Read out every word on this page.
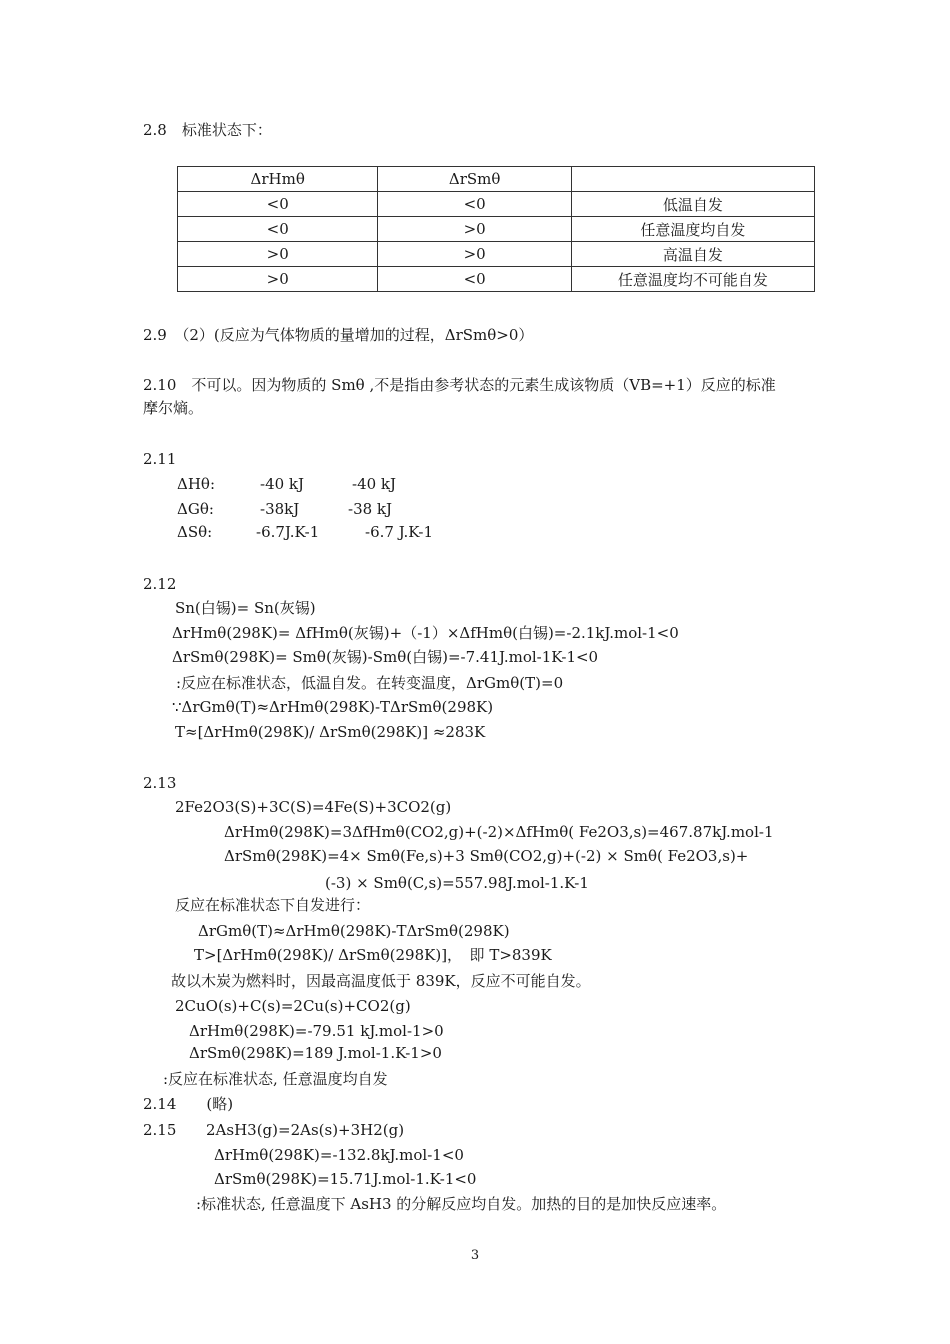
2.8　标准状态下：
ΔrHmθ	ΔrSmθ	
<0	<0	低温自发
<0	>0	任意温度均自发
>0	>0	高温自发
>0	<0	任意温度均不可能自发
2.9　（2）(反应为气体物质的量增加的过程，ΔrSmθ>0）
2.10　不可以。因为物质的 Smθ ,不是指由参考状态的元素生成该物质（VB=+1）反应的标准
摩尔熵。
2.11
ΔHθ:	-40 kJ	-40 kJ
ΔGθ:	-38kJ	-38 kJ
ΔSθ:	-6.7J.K-1	-6.7 J.K-1
2.12
Sn(白锡)= Sn(灰锡)
ΔrHmθ(298K)= ΔfHmθ(灰锡)+（-1）×ΔfHmθ(白锡)=-2.1kJ.mol-1<0
ΔrSmθ(298K)= Smθ(灰锡)-Smθ(白锡)=-7.41J.mol-1K-1<0
:反应在标准状态，低温自发。在转变温度，ΔrGmθ(T)=0
∵ΔrGmθ(T)≈ΔrHmθ(298K)-TΔrSmθ(298K)
T≈[ΔrHmθ(298K)/ ΔrSmθ(298K)] ≈283K
2.13
2Fe2O3(S)+3C(S)=4Fe(S)+3CO2(g)
ΔrHmθ(298K)=3ΔfHmθ(CO2,g)+(-2)×ΔfHmθ( Fe2O3,s)=467.87kJ.mol-1
ΔrSmθ(298K)=4× Smθ(Fe,s)+3 Smθ(CO2,g)+(-2) × Smθ( Fe2O3,s)+
(-3) × Smθ(C,s)=557.98J.mol-1.K-1
反应在标准状态下自发进行：
ΔrGmθ(T)≈ΔrHmθ(298K)-TΔrSmθ(298K)
T>[ΔrHmθ(298K)/ ΔrSmθ(298K)]，　即 T>839K
故以木炭为燃料时，因最高温度低于 839K，反应不可能自发。
2CuO(s)+C(s)=2Cu(s)+CO2(g)
ΔrHmθ(298K)=-79.51 kJ.mol-1>0
ΔrSmθ(298K)=189 J.mol-1.K-1>0
:反应在标准状态, 任意温度均自发
2.14　　(略)
2.15 2AsH3(g)=2As(s)+3H2(g)
ΔrHmθ(298K)=-132.8kJ.mol-1<0
ΔrSmθ(298K)=15.71J.mol-1.K-1<0
:标准状态, 任意温度下 AsH3 的分解反应均自发。加热的目的是加快反应速率。
3
